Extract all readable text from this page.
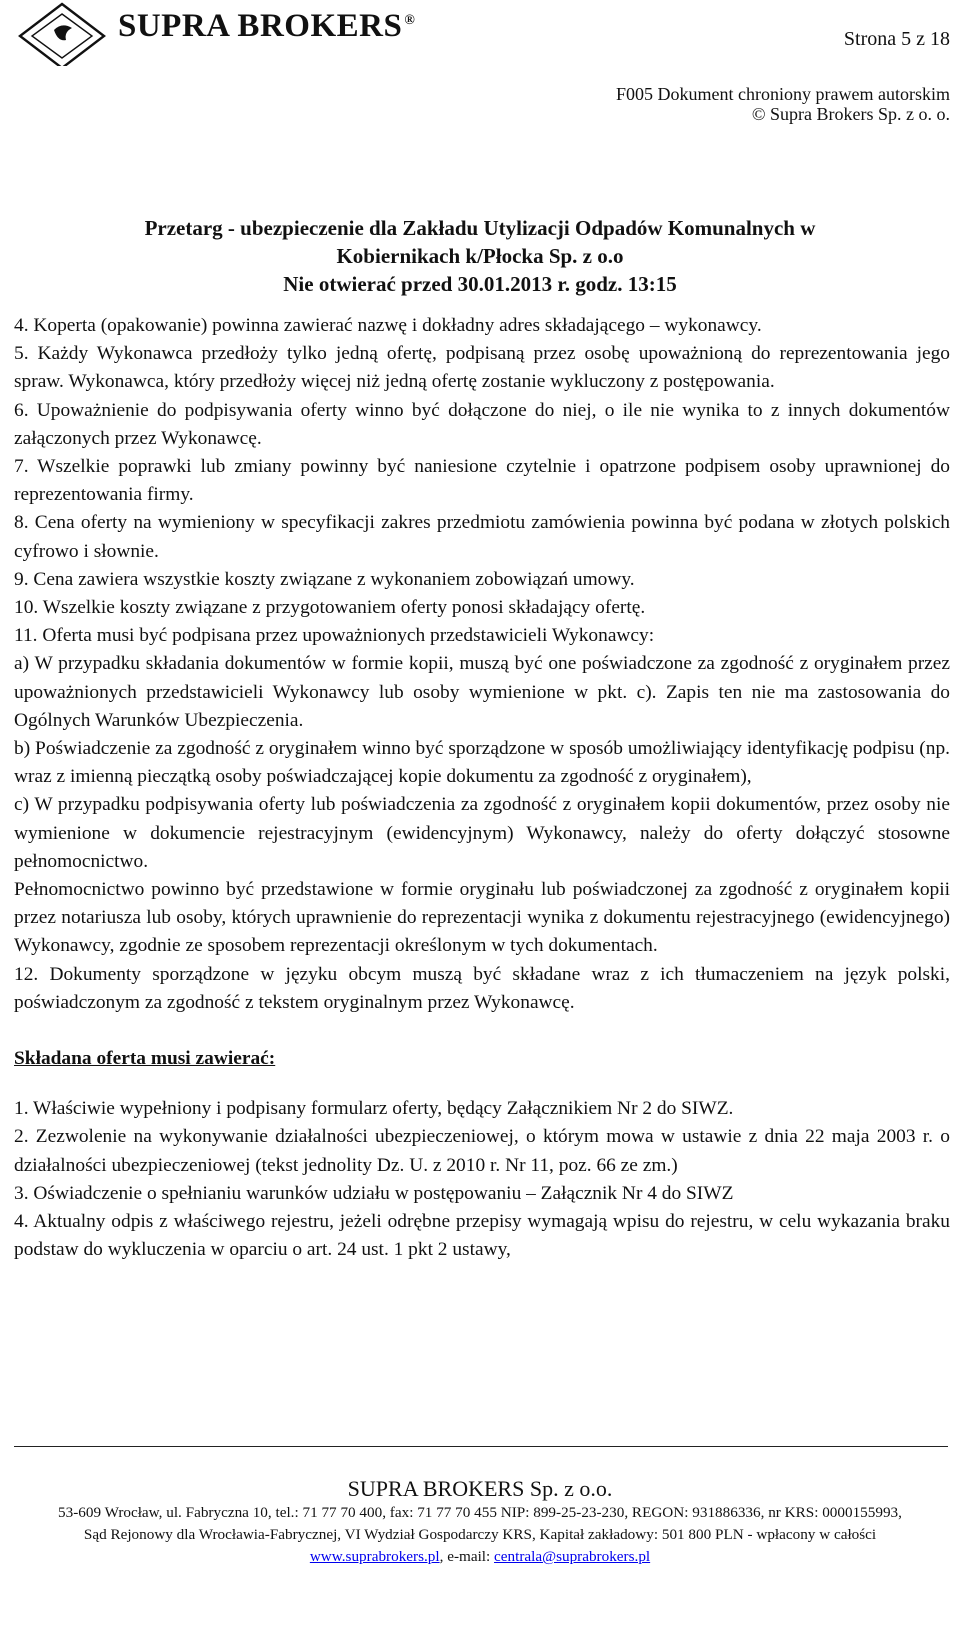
SUPRA BROKERS ®
Strona 5 z 18
F005 Dokument chroniony prawem autorskim
© Supra Brokers Sp. z o. o.
Przetarg - ubezpieczenie dla Zakładu Utylizacji Odpadów Komunalnych w
Kobiernikach k/Płocka Sp. z o.o
Nie otwierać przed 30.01.2013 r. godz. 13:15

4. Koperta (opakowanie) powinna zawierać nazwę i dokładny adres składającego – wykonawcy.

5. Każdy Wykonawca przedłoży tylko jedną ofertę, podpisaną przez osobę upoważnioną do reprezentowania jego spraw. Wykonawca, który przedłoży więcej niż jedną ofertę zostanie wykluczony z postępowania.

6. Upoważnienie do podpisywania oferty winno być dołączone do niej, o ile nie wynika to z innych dokumentów załączonych przez Wykonawcę.

7. Wszelkie poprawki lub zmiany powinny być naniesione czytelnie i opatrzone podpisem osoby uprawnionej do reprezentowania firmy.

8. Cena oferty na wymieniony w specyfikacji zakres przedmiotu zamówienia powinna być podana w złotych polskich cyfrowo i słownie.

9. Cena zawiera wszystkie koszty związane z wykonaniem zobowiązań umowy.

10. Wszelkie koszty związane z przygotowaniem oferty ponosi składający ofertę.

11. Oferta musi być podpisana przez upoważnionych przedstawicieli Wykonawcy:

a) W przypadku składania dokumentów w formie kopii, muszą być one poświadczone za zgodność z oryginałem przez upoważnionych przedstawicieli Wykonawcy lub osoby wymienione w pkt. c). Zapis ten nie ma zastosowania do Ogólnych Warunków Ubezpieczenia.

b) Poświadczenie za zgodność z oryginałem winno być sporządzone w sposób umożliwiający identyfikację podpisu (np. wraz z imienną pieczątką osoby poświadczającej kopie dokumentu za zgodność z oryginałem),

c) W przypadku podpisywania oferty lub poświadczenia za zgodność z oryginałem kopii dokumentów, przez osoby nie wymienione w dokumencie rejestracyjnym (ewidencyjnym) Wykonawcy, należy do oferty dołączyć stosowne pełnomocnictwo.

Pełnomocnictwo powinno być przedstawione w formie oryginału lub poświadczonej za zgodność z oryginałem kopii przez notariusza lub osoby, których uprawnienie do reprezentacji wynika z dokumentu rejestracyjnego (ewidencyjnego) Wykonawcy, zgodnie ze sposobem reprezentacji określonym w tych dokumentach.

12. Dokumenty sporządzone w języku obcym muszą być składane wraz z ich tłumaczeniem na język polski, poświadczonym za zgodność z tekstem oryginalnym przez Wykonawcę.

Składana oferta musi zawierać:

1. Właściwie wypełniony i podpisany formularz oferty, będący Załącznikiem Nr 2 do SIWZ.

2. Zezwolenie na wykonywanie działalności ubezpieczeniowej, o którym mowa w ustawie z dnia 22 maja 2003 r. o działalności ubezpieczeniowej (tekst jednolity Dz. U. z 2010 r. Nr 11, poz. 66 ze zm.)

3. Oświadczenie o spełnianiu warunków udziału w postępowaniu – Załącznik Nr 4 do SIWZ

4. Aktualny odpis z właściwego rejestru, jeżeli odrębne przepisy wymagają wpisu do rejestru, w celu wykazania braku podstaw do wykluczenia w oparciu o art. 24 ust. 1 pkt 2 ustawy,

SUPRA BROKERS Sp. z o.o.
53-609 Wrocław, ul. Fabryczna 10, tel.: 71 77 70 400, fax: 71 77 70 455 NIP: 899-25-23-230, REGON: 931886336, nr KRS: 0000155993,
Sąd Rejonowy dla Wrocławia-Fabrycznej, VI Wydział Gospodarczy KRS, Kapitał zakładowy: 501 800 PLN - wpłacony w całości
www.suprabrokers.pl, e-mail: centrala@suprabrokers.pl
